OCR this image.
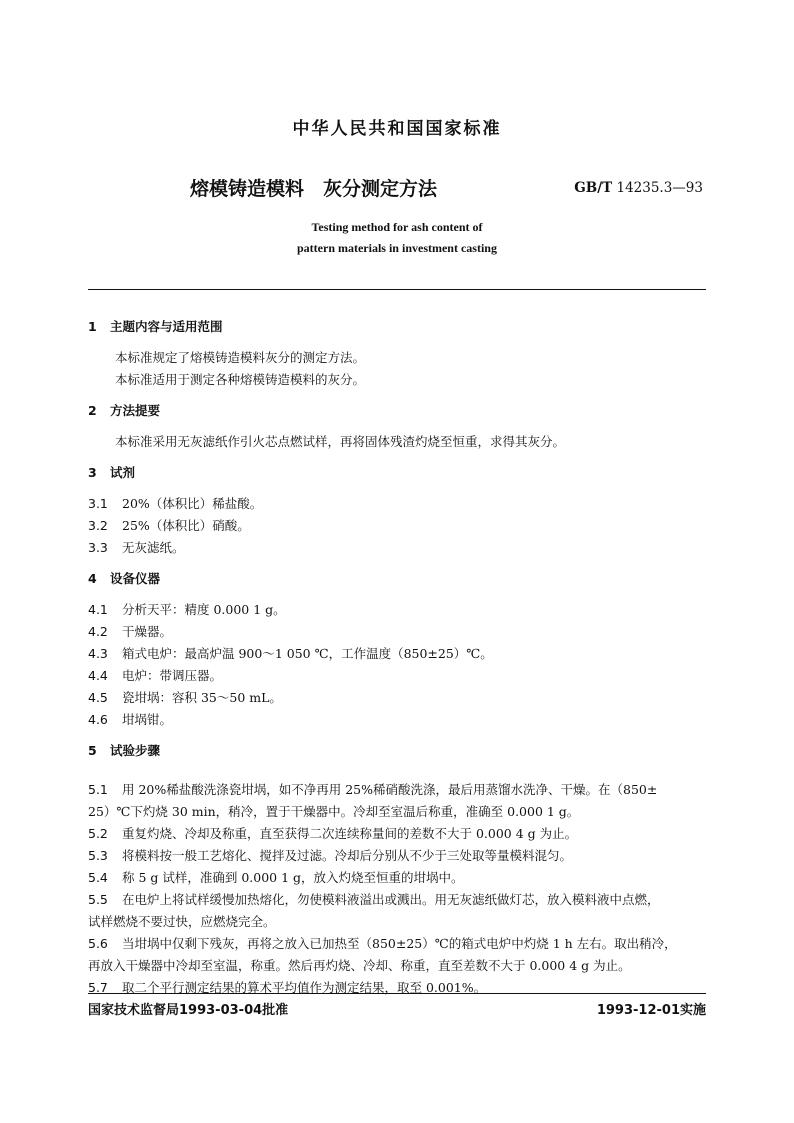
中华人民共和国国家标准
熔模铸造模料　灰分测定方法	GB/T 14235.3—93
Testing method for ash content of
pattern materials in investment casting
1 主题内容与适用范围
本标准规定了熔模铸造模料灰分的测定方法。
本标准适用于测定各种熔模铸造模料的灰分。
2 方法提要
本标准采用无灰滤纸作引火芯点燃试样，再将固体残渣灼烧至恒重，求得其灰分。
3 试剂
3.1 20%（体积比）稀盐酸。
3.2 25%（体积比）硝酸。
3.3 无灰滤纸。
4 设备仪器
4.1 分析天平：精度 0.000 1 g。
4.2 干燥器。
4.3 箱式电炉：最高炉温 900～1 050 ℃，工作温度（850±25）℃。
4.4 电炉：带调压器。
4.5 瓷坩埚：容积 35～50 mL。
4.6 坩埚钳。
5 试验步骤
5.1 用 20%稀盐酸洗涤瓷坩埚，如不净再用 25%稀硝酸洗涤，最后用蒸馏水洗净、干燥。在（850±
25）℃下灼烧 30 min，稍冷，置于干燥器中。冷却至室温后称重，准确至 0.000 1 g。
5.2 重复灼烧、冷却及称重，直至获得二次连续称量间的差数不大于 0.000 4 g 为止。
5.3 将模料按一般工艺熔化、搅拌及过滤。冷却后分别从不少于三处取等量模料混匀。
5.4 称 5 g 试样，准确到 0.000 1 g，放入灼烧至恒重的坩埚中。
5.5 在电炉上将试样缓慢加热熔化，勿使模料液溢出或溅出。用无灰滤纸做灯芯，放入模料液中点燃，
试样燃烧不要过快，应燃烧完全。
5.6 当坩埚中仅剩下残灰，再将之放入已加热至（850±25）℃的箱式电炉中灼烧 1 h 左右。取出稍冷，
再放入干燥器中冷却至室温，称重。然后再灼烧、冷却、称重，直至差数不大于 0.000 4 g 为止。
5.7 取二个平行测定结果的算术平均值作为测定结果，取至 0.001%。
国家技术监督局1993-03-04批准	1993-12-01实施
